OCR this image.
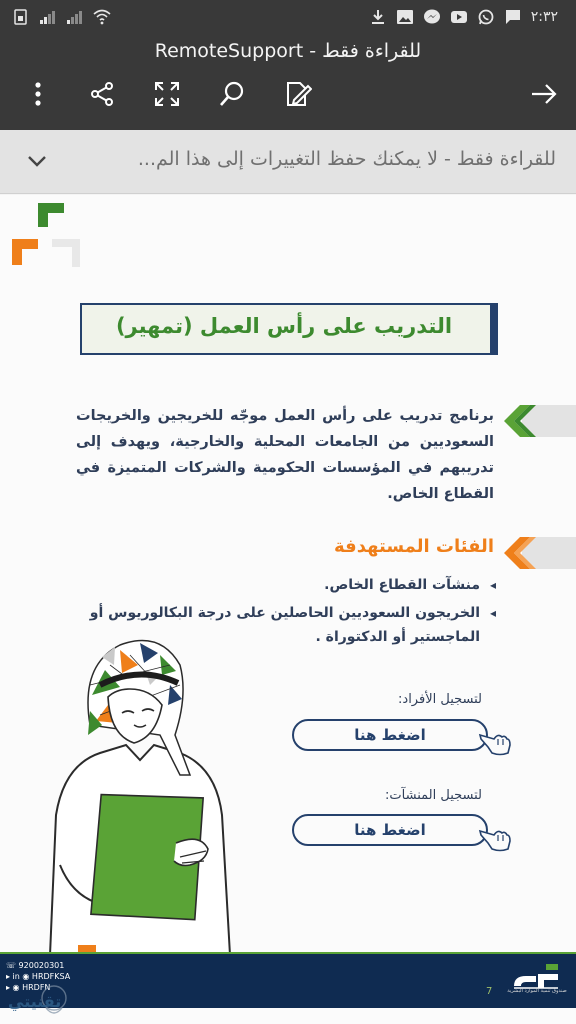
٢:٣٢
RemoteSupport - للقراءة فقط
للقراءة فقط - لا يمكنك حفظ التغييرات إلى هذا الم...
التدريب على رأس العمل (تمهير)
برنامج تدريب على رأس العمل موجّه للخريجين والخريجات السعوديين من الجامعات المحلية والخارجية، ويهدف إلى تدريبهم في المؤسسات الحكومية والشركات المتميزة في القطاع الخاص.
الفئات المستهدفة
◂ منشآت القطاع الخاص.
◂ الخريجون السعوديين الحاصلين على درجة البكالوريوس أو الماجستير أو الدكتوراة .
لتسجيل الأفراد:
اضغط هنا
لتسجيل المنشآت:
اضغط هنا
☏ 920020301
▸ in ◉ HRDFKSA
▸ ◉ HRDFN	7	صندوق تنمية الموارد البشرية
تقنيتي
